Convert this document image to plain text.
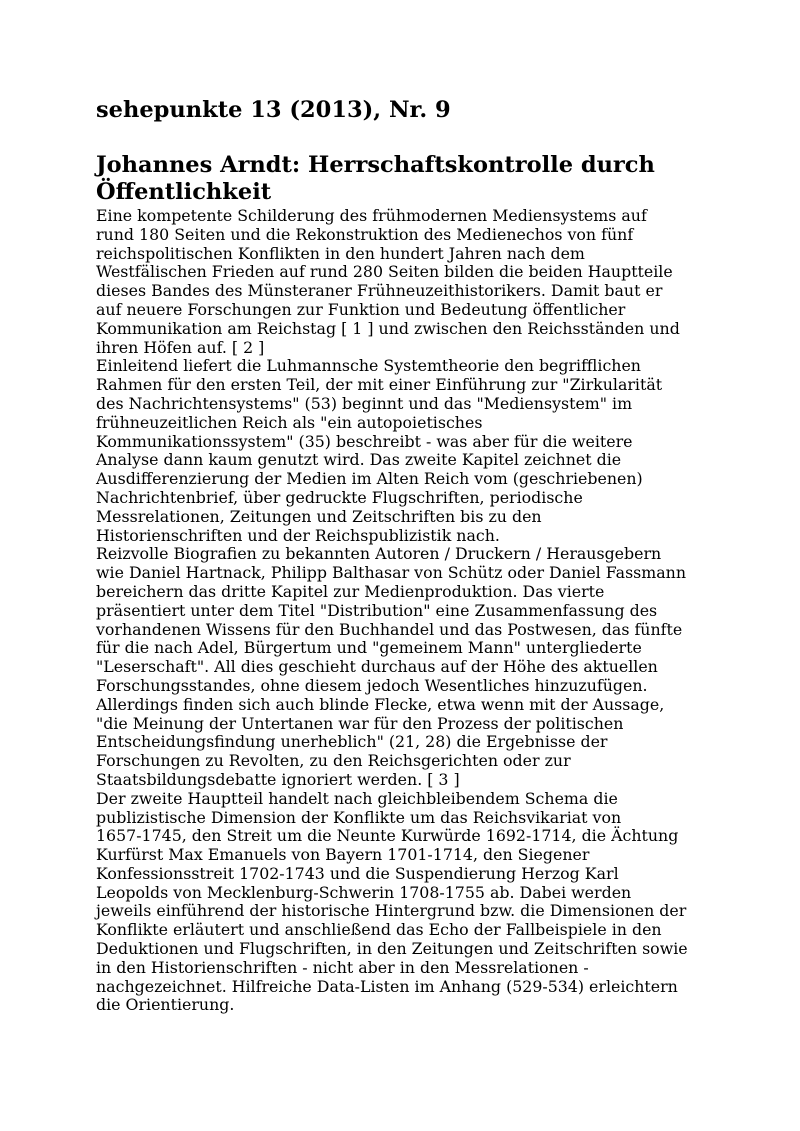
sehepunkte 13 (2013), Nr. 9
Johannes Arndt: Herrschaftskontrolle durch
Öffentlichkeit

Eine kompetente Schilderung des frühmodernen Mediensystems auf
rund 180 Seiten und die Rekonstruktion des Medienechos von fünf
reichspolitischen Konflikten in den hundert Jahren nach dem
Westfälischen Frieden auf rund 280 Seiten bilden die beiden Hauptteile
dieses Bandes des Münsteraner Frühneuzeithistorikers. Damit baut er
auf neuere Forschungen zur Funktion und Bedeutung öffentlicher
Kommunikation am Reichstag [ 1 ] und zwischen den Reichsständen und
ihren Höfen auf. [ 2 ]

Einleitend liefert die Luhmannsche Systemtheorie den begrifflichen
Rahmen für den ersten Teil, der mit einer Einführung zur "Zirkularität
des Nachrichtensystems" (53) beginnt und das "Mediensystem" im
frühneuzeitlichen Reich als "ein autopoietisches
Kommunikationssystem" (35) beschreibt - was aber für die weitere
Analyse dann kaum genutzt wird. Das zweite Kapitel zeichnet die
Ausdifferenzierung der Medien im Alten Reich vom (geschriebenen)
Nachrichtenbrief, über gedruckte Flugschriften, periodische
Messrelationen, Zeitungen und Zeitschriften bis zu den
Historienschriften und der Reichspublizistik nach.

Reizvolle Biografien zu bekannten Autoren / Druckern / Herausgebern
wie Daniel Hartnack, Philipp Balthasar von Schütz oder Daniel Fassmann
bereichern das dritte Kapitel zur Medienproduktion. Das vierte
präsentiert unter dem Titel "Distribution" eine Zusammenfassung des
vorhandenen Wissens für den Buchhandel und das Postwesen, das fünfte
für die nach Adel, Bürgertum und "gemeinem Mann" untergliederte
"Leserschaft". All dies geschieht durchaus auf der Höhe des aktuellen
Forschungsstandes, ohne diesem jedoch Wesentliches hinzuzufügen.
Allerdings finden sich auch blinde Flecke, etwa wenn mit der Aussage,
"die Meinung der Untertanen war für den Prozess der politischen
Entscheidungsfindung unerheblich" (21, 28) die Ergebnisse der
Forschungen zu Revolten, zu den Reichsgerichten oder zur
Staatsbildungsdebatte ignoriert werden. [ 3 ]

Der zweite Hauptteil handelt nach gleichbleibendem Schema die
publizistische Dimension der Konflikte um das Reichsvikariat von
1657-1745, den Streit um die Neunte Kurwürde 1692-1714, die Ächtung
Kurfürst Max Emanuels von Bayern 1701-1714, den Siegener
Konfessionsstreit 1702-1743 und die Suspendierung Herzog Karl
Leopolds von Mecklenburg-Schwerin 1708-1755 ab. Dabei werden
jeweils einführend der historische Hintergrund bzw. die Dimensionen der
Konflikte erläutert und anschließend das Echo der Fallbeispiele in den
Deduktionen und Flugschriften, in den Zeitungen und Zeitschriften sowie
in den Historienschriften - nicht aber in den Messrelationen -
nachgezeichnet. Hilfreiche Data-Listen im Anhang (529-534) erleichtern
die Orientierung.
